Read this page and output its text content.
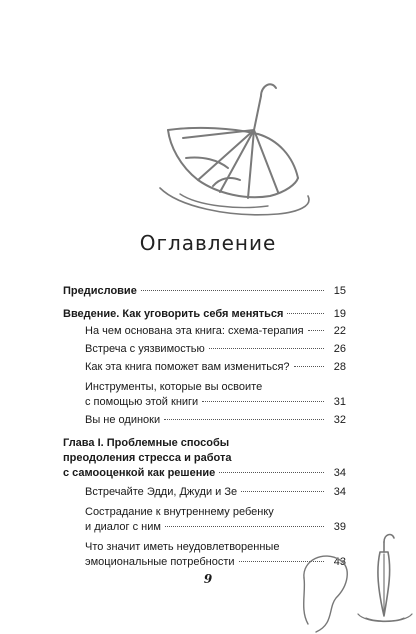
Оглавление
Предисловие	15
Введение. Как уговорить себя меняться	19
На чем основана эта книга: схема-терапия	22
Встреча с уязвимостью	26
Как эта книга поможет вам измениться?	28
Инструменты, которые вы освоите
с помощью этой книги	31
Вы не одиноки	32
Глава I. Проблемные способы
преодоления стресса и работа
с самооценкой как решение	34
Встречайте Эдди, Джуди и Зе	34
Сострадание к внутреннему ребенку
и диалог с ним	39
Что значит иметь неудовлетворенные
эмоциональные потребности	43
9
